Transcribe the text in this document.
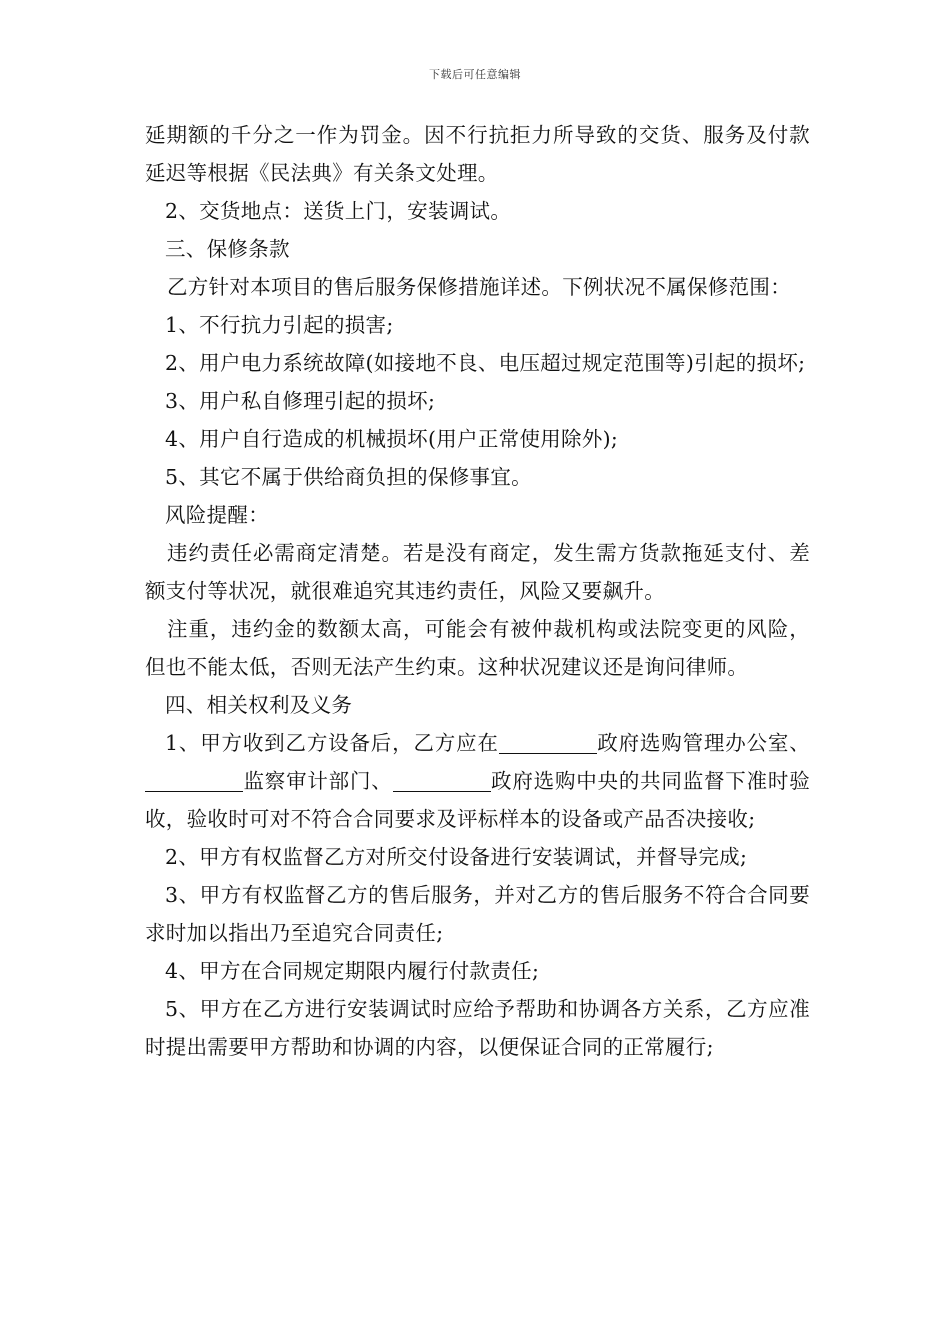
下载后可任意编辑

延期额的千分之一作为罚金。因不行抗拒力所导致的交货、服务及付款延迟等根据《民法典》有关条文处理。

2、交货地点：送货上门，安装调试。

三、保修条款

乙方针对本项目的售后服务保修措施详述。下例状况不属保修范围：

1、不行抗力引起的损害;

2、用户电力系统故障(如接地不良、电压超过规定范围等)引起的损坏;

3、用户私自修理引起的损坏;

4、用户自行造成的机械损坏(用户正常使用除外);

5、其它不属于供给商负担的保修事宜。

风险提醒：

违约责任必需商定清楚。若是没有商定，发生需方货款拖延支付、差额支付等状况，就很难追究其违约责任，风险又要飙升。

注重，违约金的数额太高，可能会有被仲裁机构或法院变更的风险，但也不能太低，否则无法产生约束。这种状况建议还是询问律师。

四、相关权利及义务

1、甲方收到乙方设备后，乙方应在	政府选购管理办公室、监察审计部门、	政府选购中央的共同监督下准时验收，验收时可对不符合合同要求及评标样本的设备或产品否决接收;

2、甲方有权监督乙方对所交付设备进行安装调试，并督导完成;

3、甲方有权监督乙方的售后服务，并对乙方的售后服务不符合合同要求时加以指出乃至追究合同责任;

4、甲方在合同规定期限内履行付款责任;

5、甲方在乙方进行安装调试时应给予帮助和协调各方关系，乙方应准时提出需要甲方帮助和协调的内容，以便保证合同的正常履行;
